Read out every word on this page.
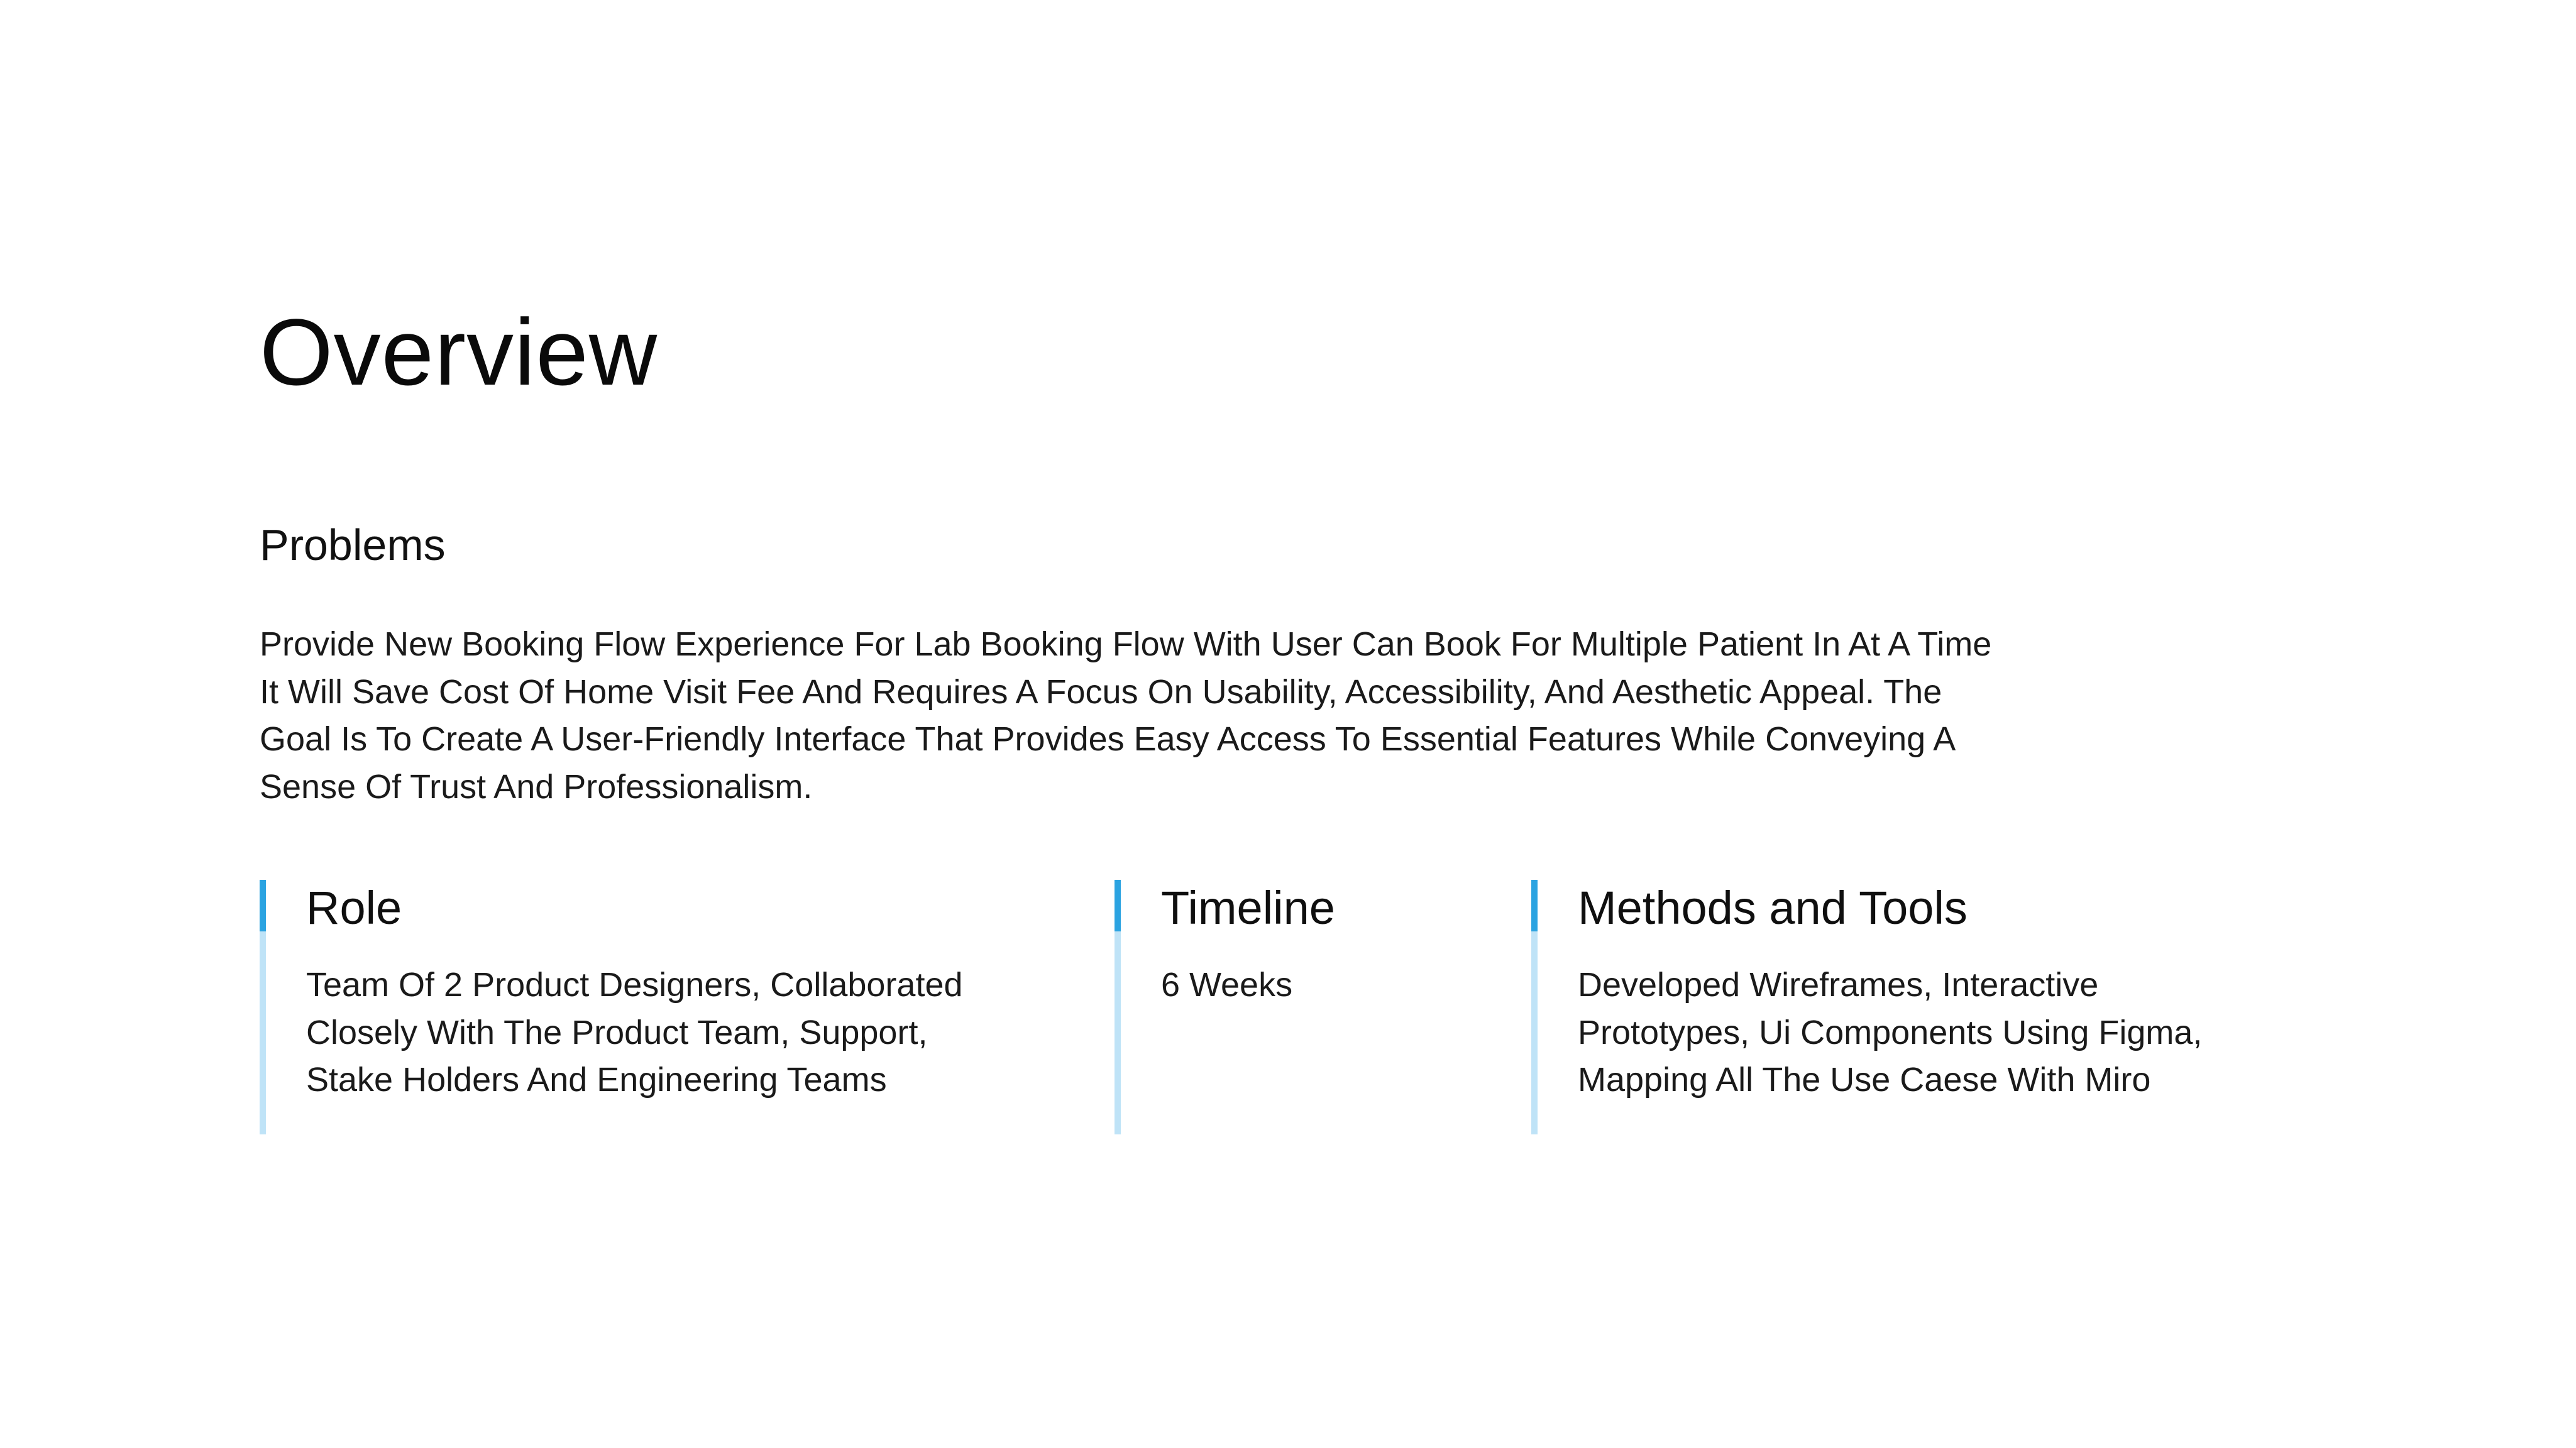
Overview
Problems

Provide New Booking Flow Experience For Lab Booking Flow With User Can Book For Multiple Patient In At A Time It Will Save Cost Of Home Visit Fee And Requires A Focus On Usability, Accessibility, And Aesthetic Appeal. The Goal Is To Create A User-Friendly Interface That Provides Easy Access To Essential Features While Conveying A Sense Of Trust And Professionalism.

Role

Team Of 2 Product Designers, Collaborated
Closely With The Product Team, Support,
Stake Holders And Engineering Teams

Timeline

6 Weeks

Methods and Tools

Developed Wireframes, Interactive
Prototypes, Ui Components Using Figma,
Mapping All The Use Caese With Miro
